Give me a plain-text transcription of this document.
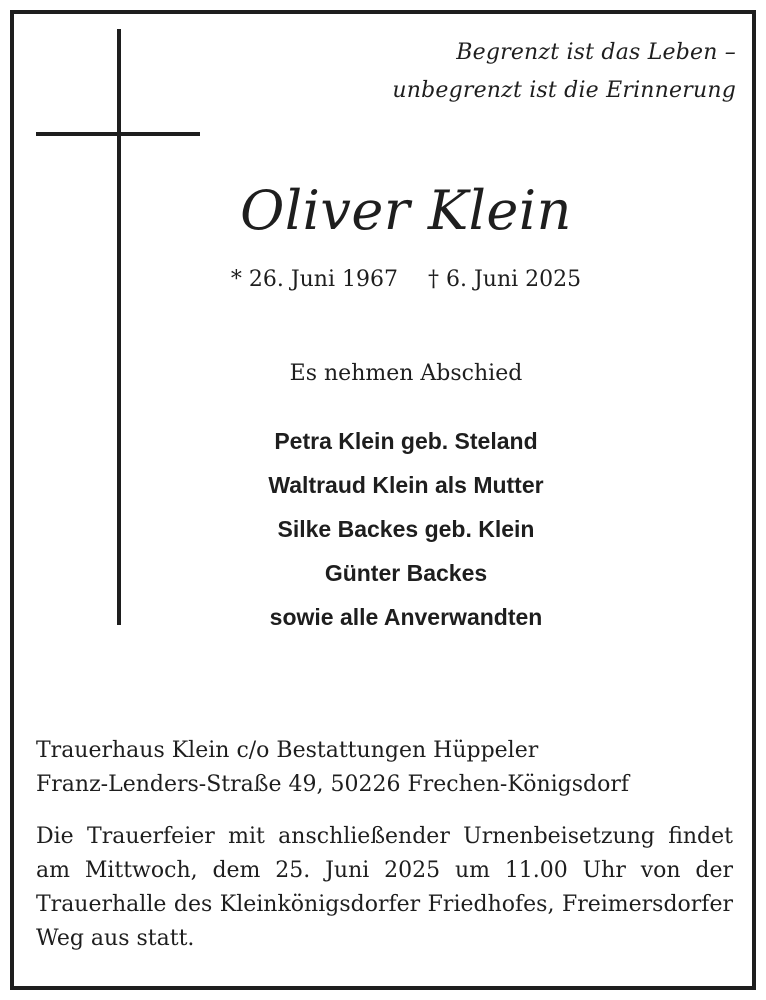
Begrenzt ist das Leben –
unbegrenzt ist die Erinnerung
Oliver Klein
* 26. Juni 1967 † 6. Juni 2025
Es nehmen Abschied
Petra Klein geb. Steland
Waltraud Klein als Mutter
Silke Backes geb. Klein
Günter Backes
sowie alle Anverwandten
Trauerhaus Klein c/o Bestattungen Hüppeler
Franz-Lenders-Straße 49, 50226 Frechen-Königsdorf
Die Trauerfeier mit anschließender Urnenbeisetzung findet am Mittwoch, dem 25. Juni 2025 um 11.00 Uhr von der Trauerhalle des Kleinkönigsdorfer Friedhofes, Freimersdorfer Weg aus statt.
